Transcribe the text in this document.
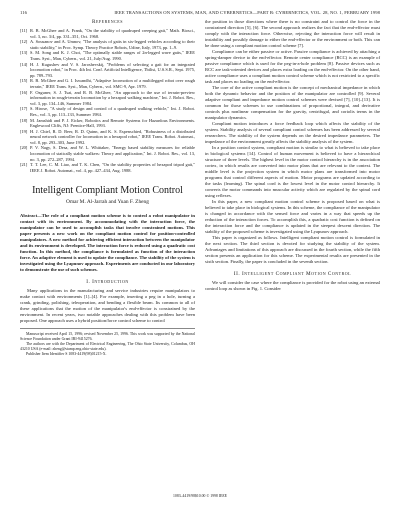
116	IEEE TRANSACTIONS ON SYSTEMS, MAN, AND CYBERNETICS—PART B: CYBERNETICS, VOL. 28, NO. 1, FEBRUARY 1998
References
[11] R. B. McGhee and A. Frank, "On the stability of quadruped creeping gait," Math. Biosci., vol. 3, no. 3/4, pp. 331–351, Oct. 1968.
[12] A. Sousanov and A. Umnov, "The analysis of gaits in six-legged vehicles according to their static stability," in Proc. Symp. Theory Practice Robots, Udine, Italy, 1973, pp. 1–9.
[13] S. M. Song and K. J. Choi, "The optimally stable ranges of 2n-legged wave gaits," IEEE Trans. Syst., Man, Cybern., vol. 21, July/Aug. 1990.
[14] H. J. Kugushev and V. S. Jaroshevskij, "Problems of selecting a gait for an integrated locomotion robot," in Proc. 4th Int. Conf. Artificial Intelligence, Tbilisi, U.S.S.R., Sept. 1975, pp. 789–793.
[15] R. B. McGhee and G. I. Iswandhi, "Adaptive locomotion of a multilegged robot over rough terrain," IEEE Trans. Syst., Man, Cybern., vol. SMC-9, Apr. 1979.
[16] F. Ozguner, S. J. Tsai, and R. B. McGhee, "An approach to the use of terrain-preview information in rough-terrain locomotion by a hexapod walking machine," Int. J. Robot. Res., vol. 3, pp. 134–146, Summer 1984.
[17] S. Hirose, "A study of design and control of a quadruped walking vehicle," Int. J. Robot. Res., vol. 3, pp. 113–133, Summer 1984.
[18] M. Jamshidi and P. J. Eicker, Robotics and Remote Systems for Hazardous Environments. Englewood Cliffs, NJ: Prentice-Hall, 1993.
[19] H. J. Chiel, R. D. Beer, R. D. Quinn, and K. S. Espenschied, "Robustness of a distributed neural network controller for locomotion in a hexapod robot," IEEE Trans. Robot. Automat., vol. 8, pp. 293–303, June 1992.
[20] P. V. Nagy, S. Desa, and W. L. Whittaker, "Energy based stability measures for reliable locomotion of statically stable walkers: Theory and application," Int. J. Robot. Res., vol. 13, no. 3, pp. 272–287, 1994.
[21] T. T. Lee, C. M. Liao, and T. K. Chen, "On the stability properties of hexapod tripod gait," IEEE J. Robot. Automat., vol. 4, pp. 427–434, Aug. 1988.
Intelligent Compliant Motion Control
Omar M. Al-Jarrah and Yuan F. Zheng
Abstract—The role of a compliant motion scheme is to control a robot manipulator in contact with its environment. By accommodating with the interaction force, the manipulator can be used to accomplish tasks that involve constrained motions. This paper presents a new work on the compliant motion control for position-controlled manipulators. A new method for achieving efficient interaction between the manipulator and its environment is developed. The interaction force is reduced using a quadratic cost function. In this method, the compliance is formulated as function of the interaction force. An adaptive element is used to update the compliance. The stability of the system is investigated using the Lyapunov approach. Experiments are conducted in our laboratory to demonstrate the use of such schemes.
I. Introduction

Many applications in the manufacturing and service industries require manipulators to make contact with environments [1]–[4]. For example, inserting a peg in a hole, turning a crank, grinding, polishing, teleoperation, and bending a flexible beam. Its common to all of these applications that the motion of the manipulator's end-effector is constrained by the environment. In recent years, two notable approaches dealing with this problem have been proposed. One approach uses a hybrid position/force control scheme to control

Manuscript received April 15, 1996; revised November 25, 1996. This work was supported by the National Science Foundation under Grant IRI-9415276.

The authors are with the Department of Electrical Engineering, The Ohio State University, Columbus, OH 43210 USA (e-mail: zheng@stamp.eng.ohio-state.edu).

Publisher Item Identifier S 1083-4419(98)01215-X.

the position in those directions where there is no constraint and to control the force in the constrained direction [5], [6]. The second approach realizes the fact that the end-effector must comply with the interaction force. Otherwise, rejecting the interaction force will result in instability and possibly damage to either the end-effector or the environment or both. This can be done using a compliant motion control scheme [7].

Compliance can be either passive or active. Passive compliance is achieved by attaching a spring-damper device to the end-effector. Remote center compliance (RCC) is an example of passive compliance which is used for the peg-in-a-hole problem [8]. Passive devices such as RCC are task-oriented devices and places extra loading on the end-effector. On the other hand, active compliance uses a compliant motion control scheme which is not restricted to a specific task and places no loading on the end-effector.

The core of the active compliant motion is the concept of mechanical impedance in which both the dynamic behavior and the position of the manipulator are controlled [9]. Several adaptive compliant and impedance motion control schemes were devised [7], [10]–[13]. It is common for those schemes to use combinations of proportional, integral, and derivative controls plus nonlinear compensation for the gravity, centrifugal, and coriolis terms in the manipulator dynamics.

Compliant motion introduces a force feedback loop which affects the stability of the system. Stability analysis of several compliant control schemes has been addressed by several researchers. The stability of the system depends on the desired impedance parameters. The impedance of the environment greatly affects the stability analysis of the system.

In a position control system, compliant motion is similar to what is believed to take place in biological systems [14]. Control of human movement is believed to have a hierarchical structure of three levels. The highest level in the motor control hierarchy is in the association cortex, in which results are converted into motor plans that are relevant to the context. The middle level is the projection system in which motor plans are transformed into motor programs that control different aspects of motion. Motor programs are updated according to the tasks (learning). The spinal cord is the lowest level in the motor control hierarchy. It converts the motor commands into muscular activity which are regulated by the spinal cord using reflexes.

In this paper, a new compliant motion control scheme is proposed based on what is believed to take place in biological systems. In this scheme, the compliance of the manipulator is changed in accordance with the sensed force and varies in a way that speeds up the reduction of the interaction forces. To accomplish this, a quadratic cost function is defined on the interaction force and the compliance is updated in the steepest descent direction. The stability of the proposed scheme is investigated using the Lyapunov approach.

This paper is organized as follows. Intelligent compliant motion control is formulated in the next section. The third section is devoted for studying the stability of the system. Advantages and limitations of this approach are discussed in the fourth section, while the fifth section presents an application for this scheme. The experimental results are presented in the sixth section. Finally, the paper is concluded in the seventh section.

II. Intelligent Compliant Motion Control

We will consider the case where the compliance is provided for the robot using an external control loop as shown in Fig. 1. Consider

1083–4419/98$10.00 © 1998 IEEE
